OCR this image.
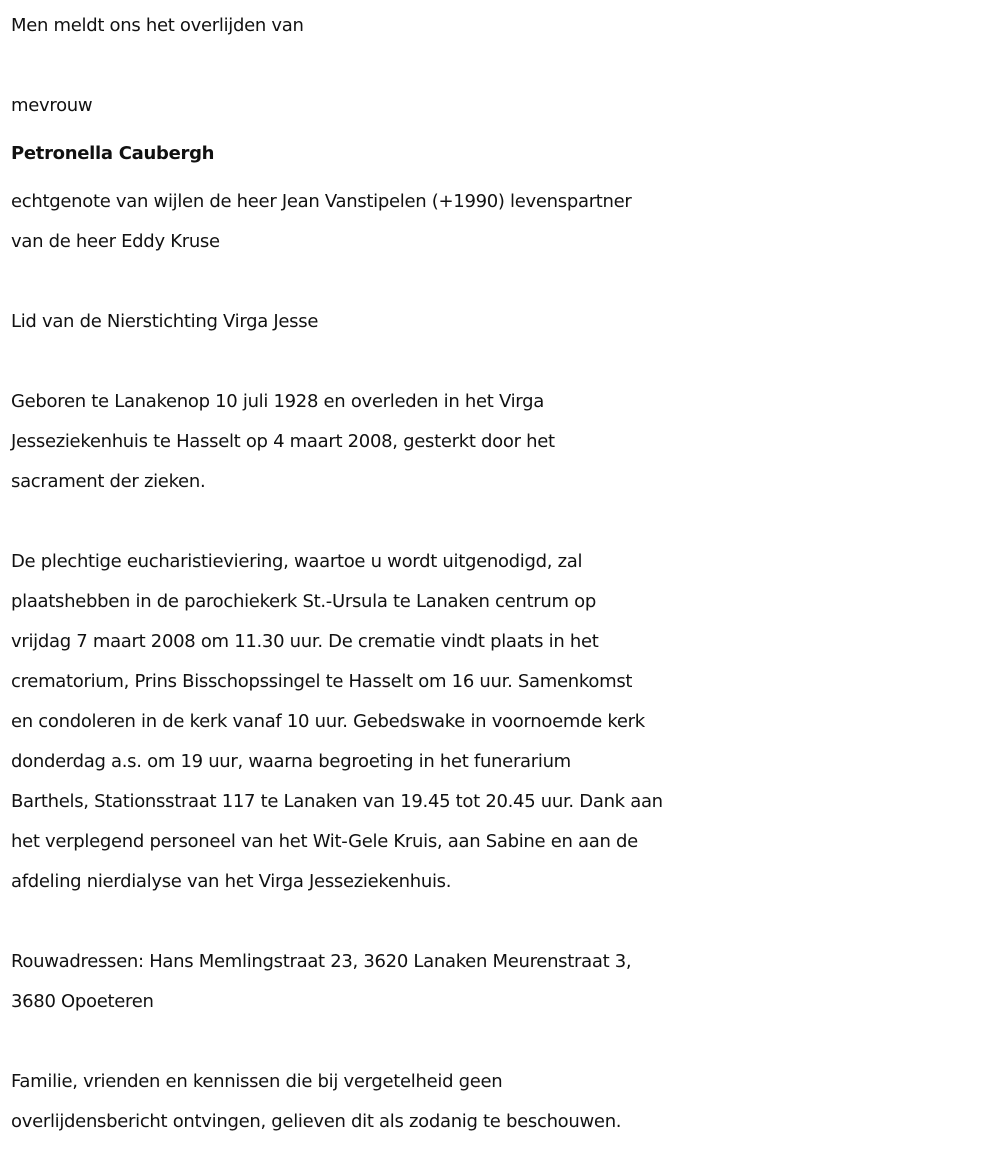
Men meldt ons het overlijden van

mevrouw

Petronella Caubergh

echtgenote van wijlen de heer Jean Vanstipelen (+1990) levenspartner
van de heer Eddy Kruse

Lid van de Nierstichting Virga Jesse

Geboren te Lanakenop 10 juli 1928 en overleden in het Virga
Jesseziekenhuis te Hasselt op 4 maart 2008, gesterkt door het
sacrament der zieken.

De plechtige eucharistieviering, waartoe u wordt uitgenodigd, zal
plaatshebben in de parochiekerk St.-Ursula te Lanaken centrum op
vrijdag 7 maart 2008 om 11.30 uur. De crematie vindt plaats in het
crematorium, Prins Bisschopssingel te Hasselt om 16 uur. Samenkomst
en condoleren in de kerk vanaf 10 uur. Gebedswake in voornoemde kerk
donderdag a.s. om 19 uur, waarna begroeting in het funerarium
Barthels, Stationsstraat 117 te Lanaken van 19.45 tot 20.45 uur. Dank aan
het verplegend personeel van het Wit-Gele Kruis, aan Sabine en aan de
afdeling nierdialyse van het Virga Jesseziekenhuis.

Rouwadressen: Hans Memlingstraat 23, 3620 Lanaken Meurenstraat 3,
3680 Opoeteren

Familie, vrienden en kennissen die bij vergetelheid geen
overlijdensbericht ontvingen, gelieven dit als zodanig te beschouwen.
